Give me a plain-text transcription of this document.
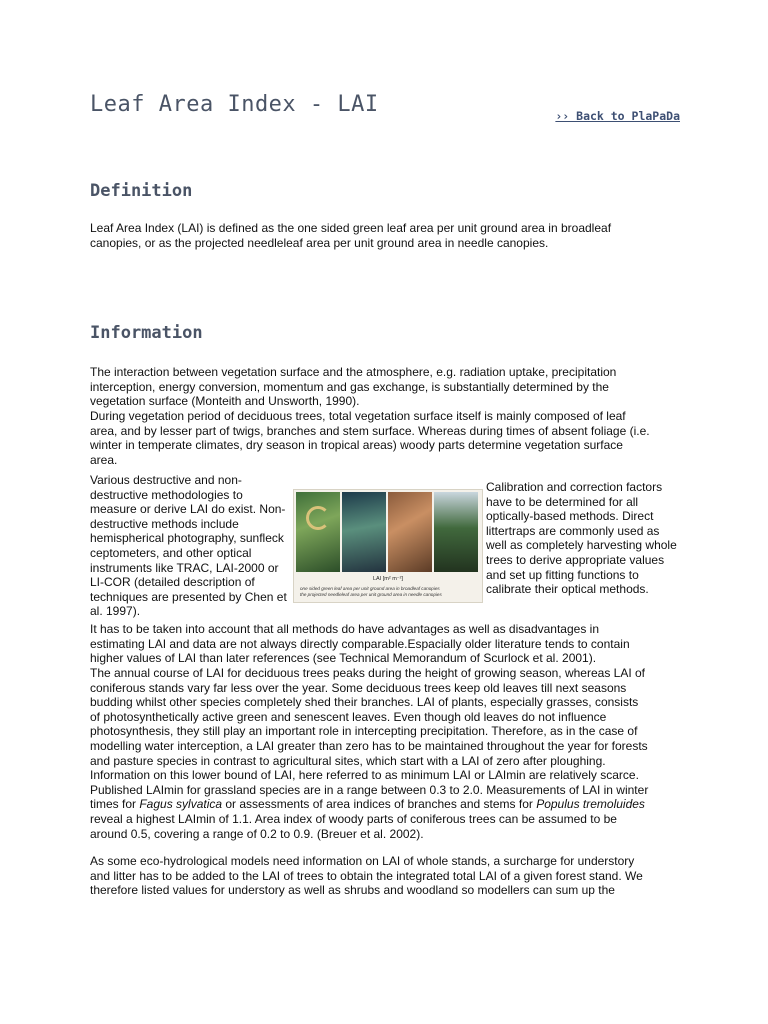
Leaf Area Index - LAI	›› Back to PlaPaDa
Definition

Leaf Area Index (LAI) is defined as the one sided green leaf area per unit ground area in broadleaf canopies, or as the projected needleleaf area per unit ground area in needle canopies.

Information

The interaction between vegetation surface and the atmosphere, e.g. radiation uptake, precipitation interception, energy conversion, momentum and gas exchange, is substantially determined by the vegetation surface (Monteith and Unsworth, 1990).

During vegetation period of deciduous trees, total vegetation surface itself is mainly composed of leaf area, and by lesser part of twigs, branches and stem surface. Whereas during times of absent foliage (i.e. winter in temperate climates, dry season in tropical areas) woody parts determine vegetation surface area.

Various destructive and non-destructive methodologies to measure or derive LAI do exist. Non-destructive methods include hemispherical photography, sunfleck ceptometers, and other optical instruments like TRAC, LAI-2000 or LI-COR (detailed description of techniques are presented by Chen et al. 1997).

LAI [m² m⁻²]
one sided green leaf area per unit ground area in broadleaf canopies
the projected needleleaf area per unit ground area in needle canopies

Calibration and correction factors have to be determined for all optically-based methods. Direct littertraps are commonly used as well as completely harvesting whole trees to derive appropriate values and set up fitting functions to calibrate their optical methods.

It has to be taken into account that all methods do have advantages as well as disadvantages in estimating LAI and data are not always directly comparable.Espacially older literature tends to contain higher values of LAI than later references (see Technical Memorandum of Scurlock et al. 2001).

The annual course of LAI for deciduous trees peaks during the height of growing season, whereas LAI of coniferous stands vary far less over the year. Some deciduous trees keep old leaves till next seasons budding whilst other species completely shed their branches. LAI of plants, especially grasses, consists of photosynthetically active green and senescent leaves. Even though old leaves do not influence photosynthesis, they still play an important role in intercepting precipitation. Therefore, as in the case of modelling water interception, a LAI greater than zero has to be maintained throughout the year for forests and pasture species in contrast to agricultural sites, which start with a LAI of zero after ploughing. Information on this lower bound of LAI, here referred to as minimum LAI or LAImin are relatively scarce. Published LAImin for grassland species are in a range between 0.3 to 2.0. Measurements of LAI in winter times for Fagus sylvatica or assessments of area indices of branches and stems for Populus tremoluides reveal a highest LAImin of 1.1. Area index of woody parts of coniferous trees can be assumed to be around 0.5, covering a range of 0.2 to 0.9. (Breuer et al. 2002).

As some eco-hydrological models need information on LAI of whole stands, a surcharge for understory and litter has to be added to the LAI of trees to obtain the integrated total LAI of a given forest stand. We therefore listed values for understory as well as shrubs and woodland so modellers can sum up the
